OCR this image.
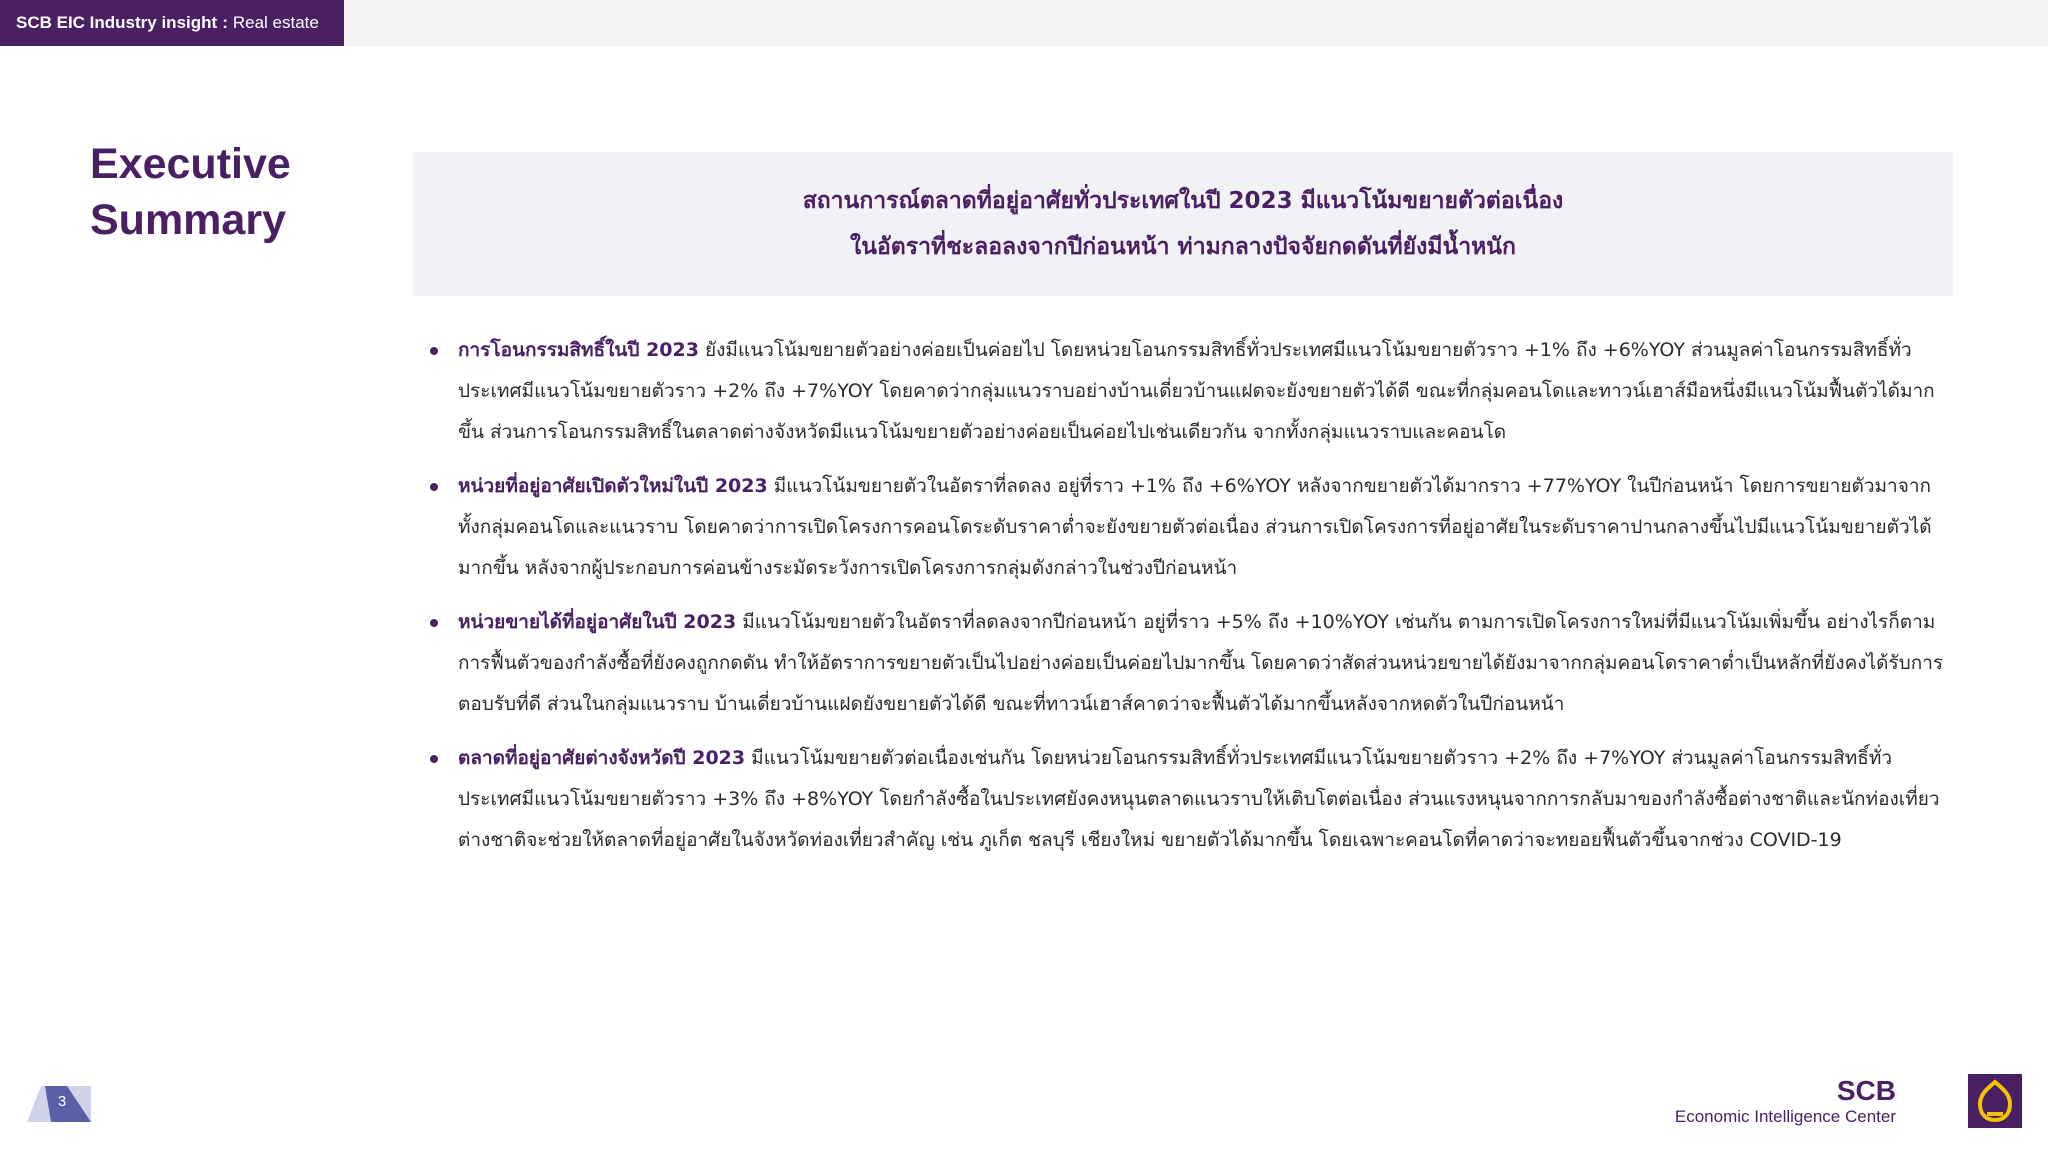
SCB EIC Industry insight : Real estate
Executive
Summary	สถานการณ์ตลาดที่อยู่อาศัยทั่วประเทศในปี 2023 มีแนวโน้มขยายตัวต่อเนื่อง
ในอัตราที่ชะลอลงจากปีก่อนหน้า ท่ามกลางปัจจัยกดดันที่ยังมีน้ำหนัก
การโอนกรรมสิทธิ์ในปี 2023 ยังมีแนวโน้มขยายตัวอย่างค่อยเป็นค่อยไป โดยหน่วยโอนกรรมสิทธิ์ทั่วประเทศมีแนวโน้มขยายตัวราว +1% ถึง +6%YOY ส่วนมูลค่าโอนกรรมสิทธิ์ทั่วประเทศมีแนวโน้มขยายตัวราว +2% ถึง +7%YOY โดยคาดว่ากลุ่มแนวราบอย่างบ้านเดี่ยวบ้านแฝดจะยังขยายตัวได้ดี ขณะที่กลุ่มคอนโดและทาวน์เฮาส์มือหนึ่งมีแนวโน้มฟื้นตัวได้มากขึ้น ส่วนการโอนกรรมสิทธิ์ในตลาดต่างจังหวัดมีแนวโน้มขยายตัวอย่างค่อยเป็นค่อยไปเช่นเดียวกัน จากทั้งกลุ่มแนวราบและคอนโด
หน่วยที่อยู่อาศัยเปิดตัวใหม่ในปี 2023 มีแนวโน้มขยายตัวในอัตราที่ลดลง อยู่ที่ราว +1% ถึง +6%YOY หลังจากขยายตัวได้มากราว +77%YOY ในปีก่อนหน้า โดยการขยายตัวมาจากทั้งกลุ่มคอนโดและแนวราบ โดยคาดว่าการเปิดโครงการคอนโดระดับราคาต่ำจะยังขยายตัวต่อเนื่อง ส่วนการเปิดโครงการที่อยู่อาศัยในระดับราคาปานกลางขึ้นไปมีแนวโน้มขยายตัวได้มากขึ้น หลังจากผู้ประกอบการค่อนข้างระมัดระวังการเปิดโครงการกลุ่มดังกล่าวในช่วงปีก่อนหน้า
หน่วยขายได้ที่อยู่อาศัยในปี 2023 มีแนวโน้มขยายตัวในอัตราที่ลดลงจากปีก่อนหน้า อยู่ที่ราว +5% ถึง +10%YOY เช่นกัน ตามการเปิดโครงการใหม่ที่มีแนวโน้มเพิ่มขึ้น อย่างไรก็ตาม การฟื้นตัวของกำลังซื้อที่ยังคงถูกกดดัน ทำให้อัตราการขยายตัวเป็นไปอย่างค่อยเป็นค่อยไปมากขึ้น โดยคาดว่าสัดส่วนหน่วยขายได้ยังมาจากกลุ่มคอนโดราคาต่ำเป็นหลักที่ยังคงได้รับการตอบรับที่ดี ส่วนในกลุ่มแนวราบ บ้านเดี่ยวบ้านแฝดยังขยายตัวได้ดี ขณะที่ทาวน์เฮาส์คาดว่าจะฟื้นตัวได้มากขึ้นหลังจากหดตัวในปีก่อนหน้า
ตลาดที่อยู่อาศัยต่างจังหวัดปี 2023 มีแนวโน้มขยายตัวต่อเนื่องเช่นกัน โดยหน่วยโอนกรรมสิทธิ์ทั่วประเทศมีแนวโน้มขยายตัวราว +2% ถึง +7%YOY ส่วนมูลค่าโอนกรรมสิทธิ์ทั่วประเทศมีแนวโน้มขยายตัวราว +3% ถึง +8%YOY โดยกำลังซื้อในประเทศยังคงหนุนตลาดแนวราบให้เติบโตต่อเนื่อง ส่วนแรงหนุนจากการกลับมาของกำลังซื้อต่างชาติและนักท่องเที่ยวต่างชาติจะช่วยให้ตลาดที่อยู่อาศัยในจังหวัดท่องเที่ยวสำคัญ เช่น ภูเก็ต ชลบุรี เชียงใหม่ ขยายตัวได้มากขึ้น โดยเฉพาะคอนโดที่คาดว่าจะทยอยฟื้นตัวขึ้นจากช่วง COVID-19
3	SCB
Economic Intelligence Center
